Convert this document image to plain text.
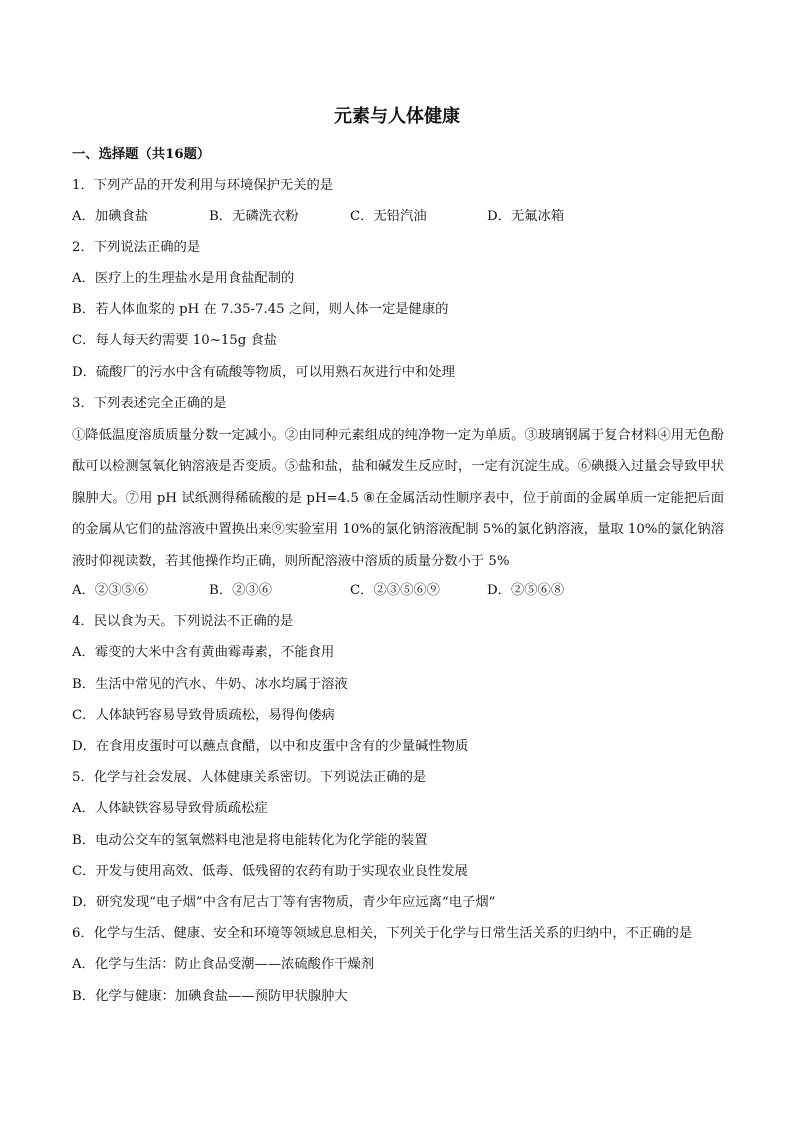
元素与人体健康
一、选择题（共16题）
1．下列产品的开发利用与环境保护无关的是
A．加碘食盐	B．无磷洗衣粉	C．无铅汽油	D．无氟冰箱
2．下列说法正确的是
A．医疗上的生理盐水是用食盐配制的
B．若人体血浆的 pH 在 7.35-7.45 之间，则人体一定是健康的
C．每人每天约需要 10~15g 食盐
D．硫酸厂的污水中含有硫酸等物质，可以用熟石灰进行中和处理
3．下列表述完全正确的是
①降低温度溶质质量分数一定减小。②由同种元素组成的纯净物一定为单质。③玻璃钢属于复合材料④用无色酚酞可以检测氢氧化钠溶液是否变质。⑤盐和盐，盐和碱发生反应时，一定有沉淀生成。⑥碘摄入过量会导致甲状腺肿大。⑦用 pH 试纸测得稀硫酸的是 pH=4.5 ⑧在金属活动性顺序表中，位于前面的金属单质一定能把后面的金属从它们的盐溶液中置换出来⑨实验室用 10%的氯化钠溶液配制 5%的氯化钠溶液，量取 10%的氯化钠溶液时仰视读数，若其他操作均正确，则所配溶液中溶质的质量分数小于 5%
A．②③⑤⑥	B．②③⑥	C．②③⑤⑥⑨	D．②⑤⑥⑧
4．民以食为天。下列说法不正确的是
A．霉变的大米中含有黄曲霉毒素，不能食用
B．生活中常见的汽水、牛奶、冰水均属于溶液
C．人体缺钙容易导致骨质疏松，易得佝偻病
D．在食用皮蛋时可以蘸点食醋，以中和皮蛋中含有的少量碱性物质
5．化学与社会发展、人体健康关系密切。下列说法正确的是
A．人体缺铁容易导致骨质疏松症
B．电动公交车的氢氧燃料电池是将电能转化为化学能的装置
C．开发与使用高效、低毒、低残留的农药有助于实现农业良性发展
D．研究发现“电子烟”中含有尼古丁等有害物质，青少年应远离“电子烟”
6．化学与生活、健康、安全和环境等领域息息相关，下列关于化学与日常生活关系的归纳中，不正确的是
A．化学与生活：防止食品受潮——浓硫酸作干燥剂
B．化学与健康：加碘食盐——预防甲状腺肿大
